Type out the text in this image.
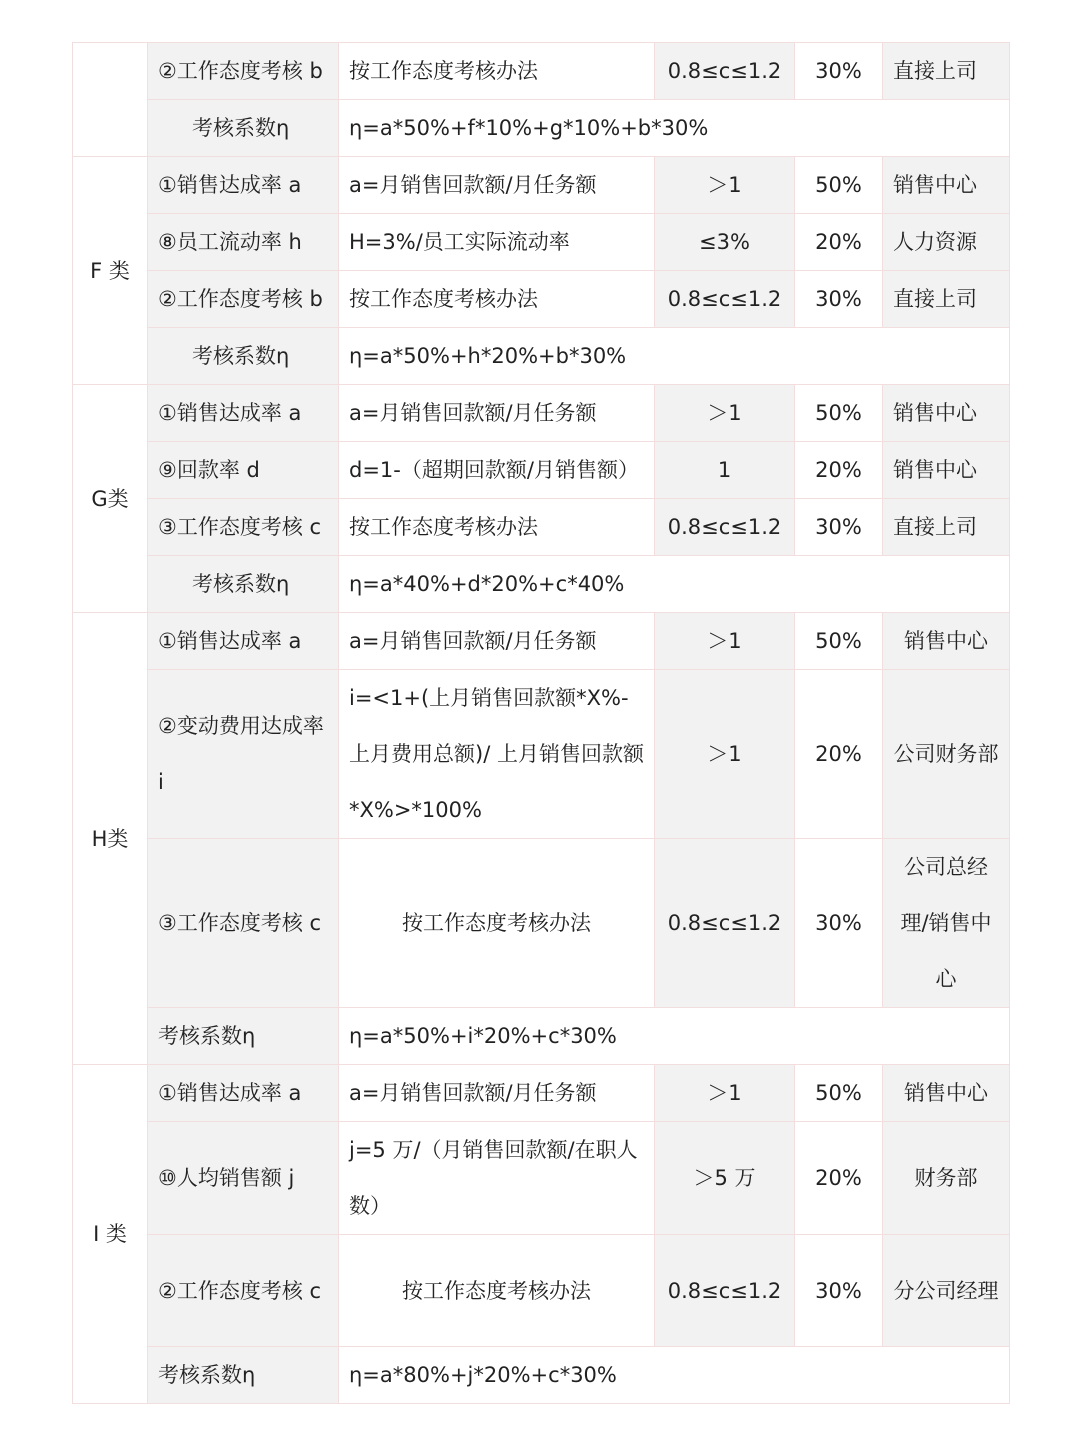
	②工作态度考核 b	按工作态度考核办法	0.8≤c≤1.2	30%	直接上司
	考核系数η	η=a*50%+f*10%+g*10%+b*30%			
F 类	①销售达成率 a	a=月销售回款额/月任务额	＞1	50%	销售中心
	⑧员工流动率 h	H=3%/员工实际流动率	≤3%	20%	人力资源
	②工作态度考核 b	按工作态度考核办法	0.8≤c≤1.2	30%	直接上司
	考核系数η	η=a*50%+h*20%+b*30%			
G类	①销售达成率 a	a=月销售回款额/月任务额	＞1	50%	销售中心
	⑨回款率 d	d=1-（超期回款额/月销售额）	1	20%	销售中心
	③工作态度考核 c	按工作态度考核办法	0.8≤c≤1.2	30%	直接上司
	考核系数η	η=a*40%+d*20%+c*40%			
H类	①销售达成率 a	a=月销售回款额/月任务额	＞1	50%	销售中心
	②变动费用达成率 i	i=<1+(上月销售回款额*X%-上月费用总额)/ 上月销售回款额*X%>*100%	＞1	20%	公司财务部
	③工作态度考核 c	按工作态度考核办法	0.8≤c≤1.2	30%	公司总经理/销售中心
	考核系数η	η=a*50%+i*20%+c*30%			
I 类	①销售达成率 a	a=月销售回款额/月任务额	＞1	50%	销售中心
	⑩人均销售额 j	j=5 万/（月销售回款额/在职人数）	＞5 万	20%	财务部
	②工作态度考核 c	按工作态度考核办法	0.8≤c≤1.2	30%	分公司经理
	考核系数η	η=a*80%+j*20%+c*30%			
